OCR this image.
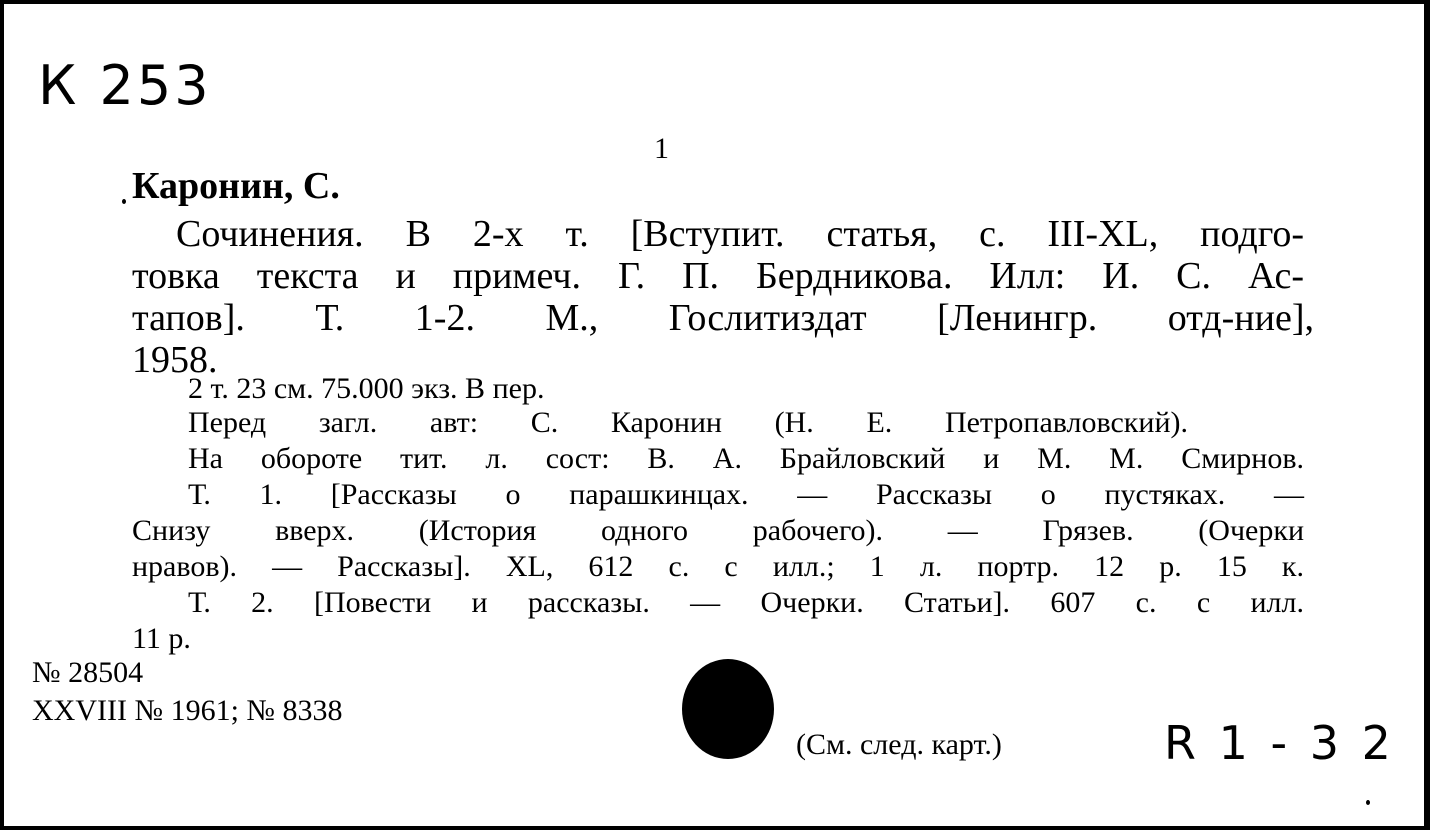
К 253
1
Каронин, С.
Сочинения. В 2-х т. [Вступит. статья, с. III-XL, подго-
товка текста и примеч. Г. П. Бердникова. Илл: И. С. Ас-
тапов]. Т. 1-2. М., Гослитиздат [Ленингр. отд-ние],
1958.
2 т. 23 см. 75.000 экз. В пер.
Перед загл. авт: С. Каронин (Н. Е. Петропавловский).
На обороте тит. л. сост: В. А. Брайловский и М. М. Смирнов.
Т. 1. [Рассказы о парашкинцах. — Рассказы о пустяках. —
Снизу вверх. (История одного рабочего). — Грязев. (Очерки
нравов). — Рассказы]. XL, 612 с. с илл.; 1 л. портр. 12 р. 15 к.
Т. 2. [Повести и рассказы. — Очерки. Статьи]. 607 с. с илл.
11 р.
№ 28504
XXVIII № 1961; № 8338
(См. след. карт.)	R 1 - 3 2
